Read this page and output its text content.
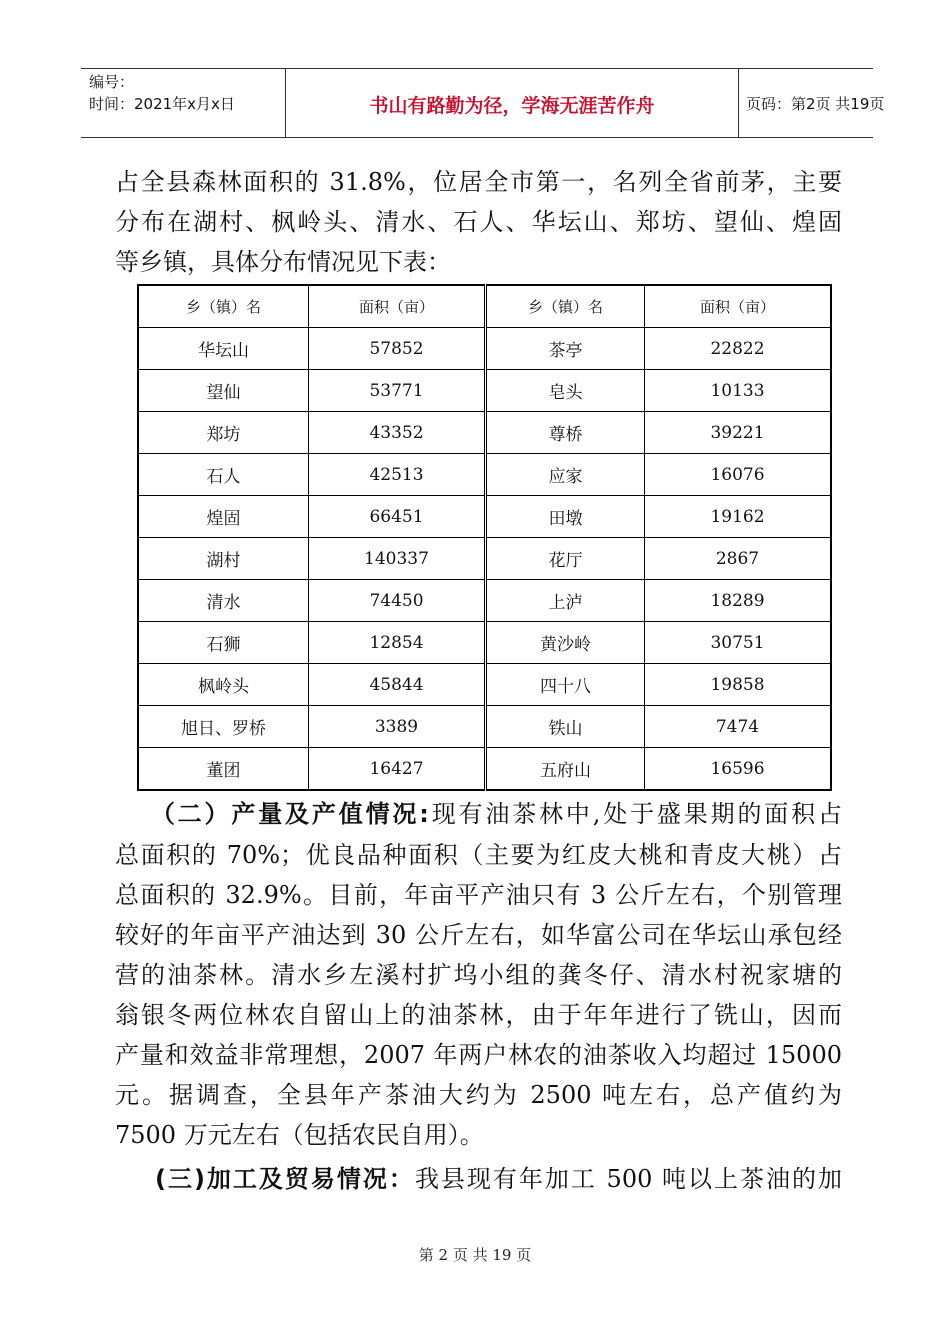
编号：
时间：2021年x月x日	书山有路勤为径，学海无涯苦作舟	页码：第2页 共19页
占全县森林面积的 31.8%，位居全市第一，名列全省前茅，主要
分布在湖村、枫岭头、清水、石人、华坛山、郑坊、望仙、煌固
等乡镇，具体分布情况见下表：
乡（镇）名	面积（亩）	乡（镇）名	面积（亩）
华坛山	57852	茶亭	22822
望仙	53771	皂头	10133
郑坊	43352	尊桥	39221
石人	42513	应家	16076
煌固	66451	田墩	19162
湖村	140337	花厅	2867
清水	74450	上泸	18289
石狮	12854	黄沙岭	30751
枫岭头	45844	四十八	19858
旭日、罗桥	3389	铁山	7474
董团	16427	五府山	16596
（二）产量及产值情况:现有油茶林中,处于盛果期的面积占
总面积的 70%；优良品种面积（主要为红皮大桃和青皮大桃）占
总面积的 32.9%。目前，年亩平产油只有 3 公斤左右，个别管理
较好的年亩平产油达到 30 公斤左右，如华富公司在华坛山承包经
营的油茶林。清水乡左溪村扩坞小组的龚冬仔、清水村祝家塘的
翁银冬两位林农自留山上的油茶林，由于年年进行了铣山，因而
产量和效益非常理想，2007 年两户林农的油茶收入均超过 15000
元。据调查，全县年产茶油大约为 2500 吨左右，总产值约为
7500 万元左右（包括农民自用）。
(三)加工及贸易情况：我县现有年加工 500 吨以上茶油的加
第 2 页 共 19 页
